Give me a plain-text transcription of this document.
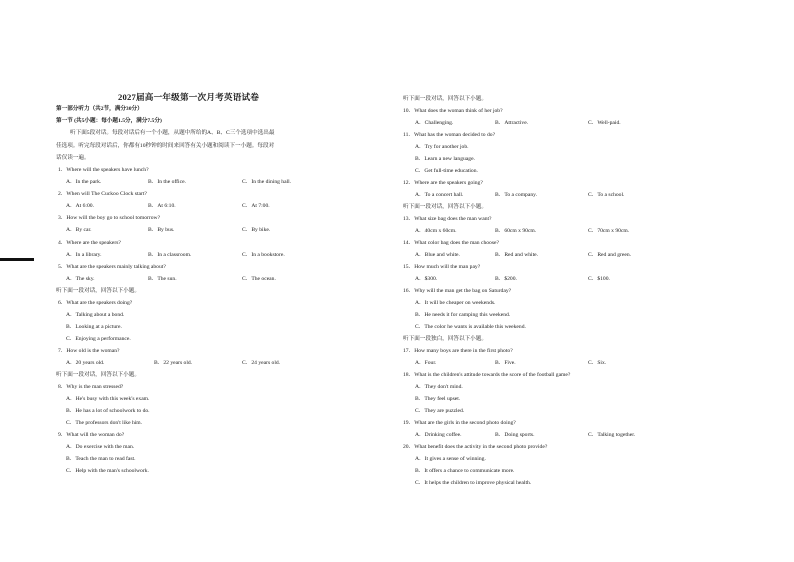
2027届高一年级第一次月考英语试卷
第一部分听力（共2节，满分30分）
第一节 (共5小题：每小题1.5分，满分7.5分)
听下面5段对话。每段对话后有一个小题，从题中所给的A、B、C三个选项中选出最
佳选项。听完每段对话后，你都有10秒钟的时间来回答有关小题和阅读下一小题。每段对
话仅读一遍。
1．Where will the speakers have lunch?
A．In the park.	B．In the office.	C．In the dining hall.
2．When will The Cuckoo Clock start?
A．At 6:00.	B．At 6:10.	C．At 7:00.
3．How will the boy go to school tomorrow?
A．By car.	B．By bus.	C．By bike.
4．Where are the speakers?
A．In a library.	B．In a classroom.	C．In a bookstore.
5．What are the speakers mainly talking about?
A．The sky.	B．The sun.	C．The ocean.
听下面一段对话，回答以下小题。
6．What are the speakers doing?
A．Talking about a bond.
B．Looking at a picture.
C．Enjoying a performance.
7．How old is the woman?
A．20 years old.	B．22 years old.	C．24 years old.
听下面一段对话，回答以下小题。
8．Why is the man stressed?
A．He's busy with this week's exam.
B．He has a lot of schoolwork to do.
C．The professors don't like him.
9．What will the woman do?
A．Do exercise with the man.
B．Teach the man to read fast.
C．Help with the man's schoolwork.
听下面一段对话，回答以下小题。
10．What does the woman think of her job?
A．Challenging.	B．Attractive.	C．Well-paid.
11．What has the woman decided to do?
A．Try for another job.
B．Learn a new language.
C．Get full-time education.
12．Where are the speakers going?
A．To a concert hall.	B．To a company.	C．To a school.
听下面一段对话，回答以下小题。
13．What size bag does the man want?
A．40cm x 60cm.	B．60cm x 90cm.	C．70cm x 90cm.
14．What color bag does the man choose?
A．Blue and white.	B．Red and white.	C．Red and green.
15．How much will the man pay?
A．$300.	B．$200.	C．$100.
16．Why will the man get the bag on Saturday?
A．It will be cheaper on weekends.
B．He needs it for camping this weekend.
C．The color he wants is available this weekend.
听下面一段独白，回答以下小题。
17．How many boys are there in the first photo?
A．Four.	B．Five.	C．Six.
18．What is the children's attitude towards the score of the football game?
A．They don't mind.
B．They feel upset.
C．They are puzzled.
19．What are the girls in the second photo doing?
A．Drinking coffee.	B．Doing sports.	C．Talking together.
20．What benefit does the activity in the second photo provide?
A．It gives a sense of winning.
B．It offers a chance to communicate more.
C．It helps the children to improve physical health.
